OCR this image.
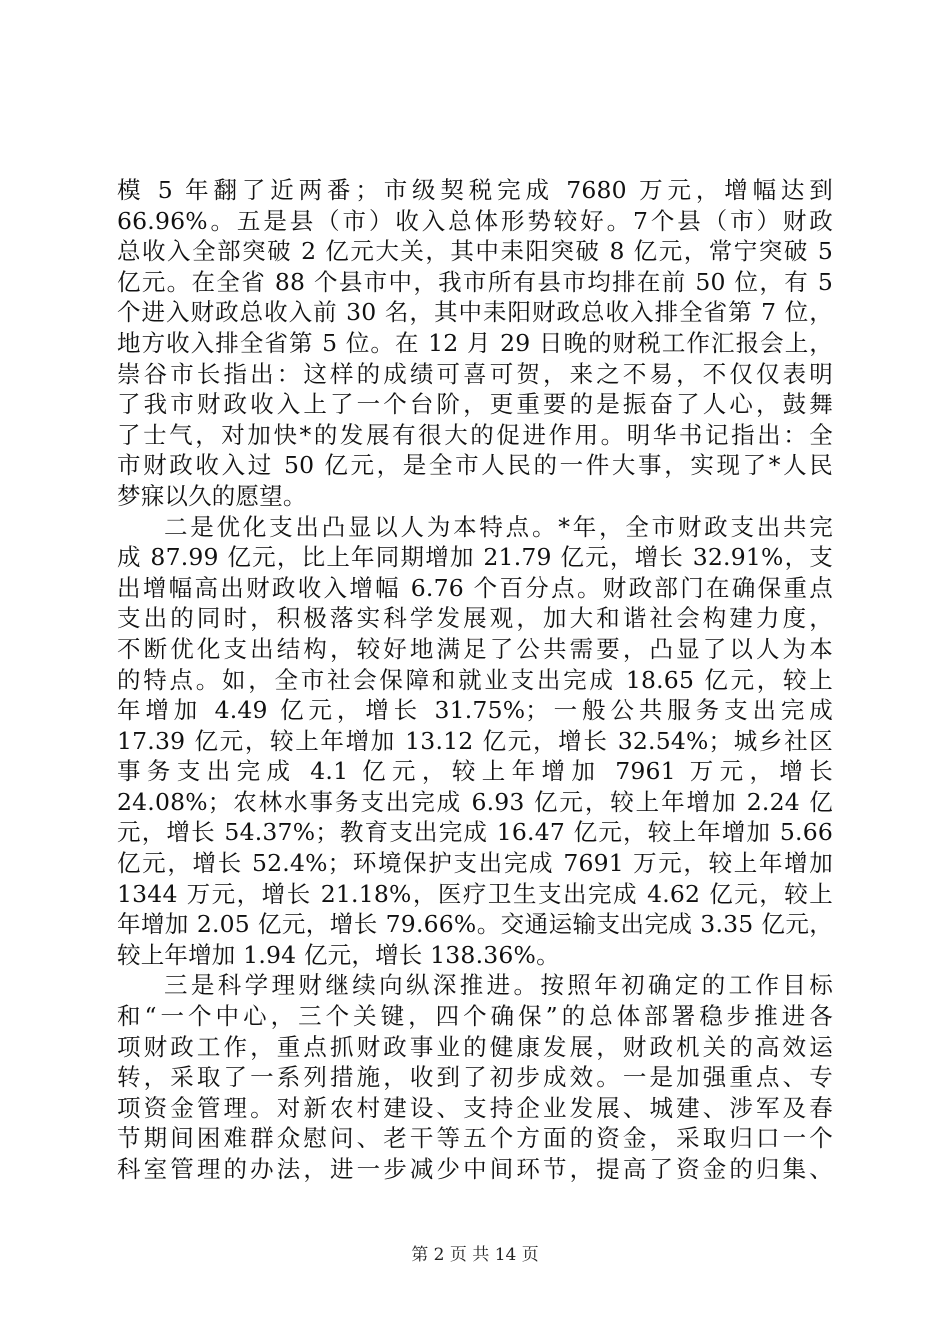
模 5 年翻了近两番；市级契税完成 7680 万元，增幅达到
66.96%。五是县（市）收入总体形势较好。7个县（市）财政
总收入全部突破 2 亿元大关，其中耒阳突破 8 亿元，常宁突破 5
亿元。在全省 88 个县市中，我市所有县市均排在前 50 位，有 5
个进入财政总收入前 30 名，其中耒阳财政总收入排全省第 7 位，
地方收入排全省第 5 位。在 12 月 29 日晚的财税工作汇报会上，
崇谷市长指出：这样的成绩可喜可贺，来之不易，不仅仅表明
了我市财政收入上了一个台阶，更重要的是振奋了人心，鼓舞
了士气，对加快*的发展有很大的促进作用。明华书记指出：全
市财政收入过 50 亿元，是全市人民的一件大事，实现了*人民
梦寐以久的愿望。
二是优化支出凸显以人为本特点。*年，全市财政支出共完
成 87.99 亿元，比上年同期增加 21.79 亿元，增长 32.91%，支
出增幅高出财政收入增幅 6.76 个百分点。财政部门在确保重点
支出的同时，积极落实科学发展观，加大和谐社会构建力度，
不断优化支出结构，较好地满足了公共需要，凸显了以人为本
的特点。如，全市社会保障和就业支出完成 18.65 亿元，较上
年增加 4.49 亿元，增长 31.75%；一般公共服务支出完成
17.39 亿元，较上年增加 13.12 亿元，增长 32.54%；城乡社区
事务支出完成 4.1 亿元，较上年增加 7961 万元，增长
24.08%；农林水事务支出完成 6.93 亿元，较上年增加 2.24 亿
元，增长 54.37%；教育支出完成 16.47 亿元，较上年增加 5.66
亿元，增长 52.4%；环境保护支出完成 7691 万元，较上年增加
1344 万元，增长 21.18%，医疗卫生支出完成 4.62 亿元，较上
年增加 2.05 亿元，增长 79.66%。交通运输支出完成 3.35 亿元，
较上年增加 1.94 亿元，增长 138.36%。
三是科学理财继续向纵深推进。按照年初确定的工作目标
和“一个中心，三个关键，四个确保”的总体部署稳步推进各
项财政工作，重点抓财政事业的健康发展，财政机关的高效运
转，采取了一系列措施，收到了初步成效。一是加强重点、专
项资金管理。对新农村建设、支持企业发展、城建、涉军及春
节期间困难群众慰问、老干等五个方面的资金，采取归口一个
科室管理的办法，进一步减少中间环节，提高了资金的归集、
第 2 页 共 14 页
